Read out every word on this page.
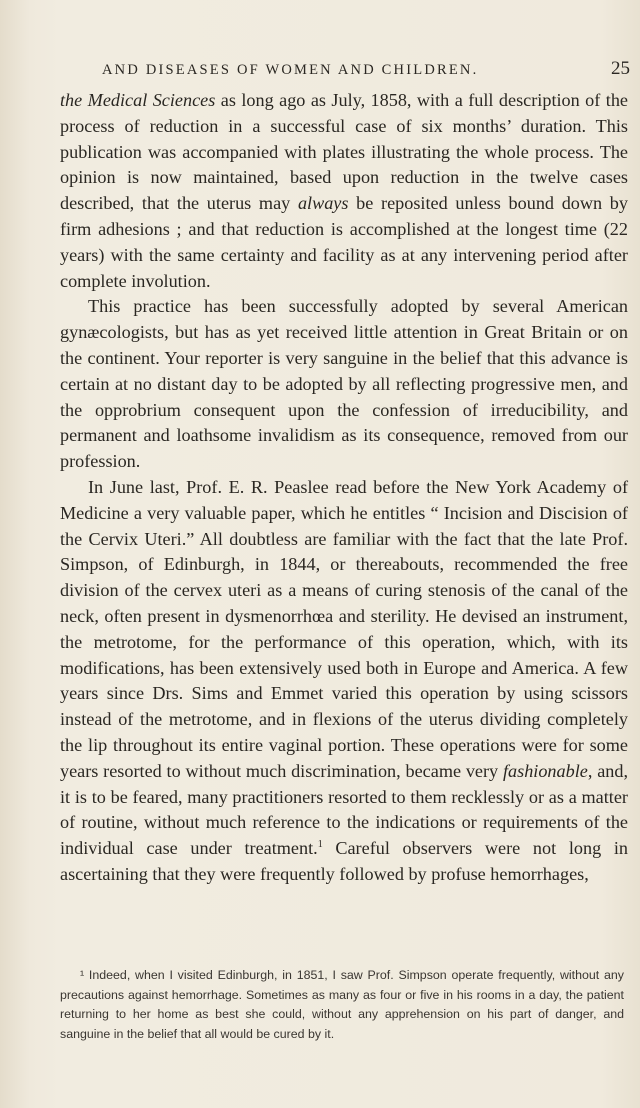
AND DISEASES OF WOMEN AND CHILDREN.	25

the Medical Sciences as long ago as July, 1858, with a full description of the process of reduction in a successful case of six months’ duration. This publication was accompanied with plates illustrating the whole process. The opinion is now maintained, based upon reduction in the twelve cases described, that the uterus may always be reposited unless bound down by firm adhesions ; and that reduction is accomplished at the longest time (22 years) with the same certainty and facility as at any intervening period after complete involution.

This practice has been successfully adopted by several American gynæcologists, but has as yet received little attention in Great Britain or on the continent. Your reporter is very sanguine in the belief that this advance is certain at no distant day to be adopted by all reflecting progressive men, and the opprobrium consequent upon the confession of irreducibility, and permanent and loathsome invalidism as its consequence, removed from our profession.

In June last, Prof. E. R. Peaslee read before the New York Academy of Medicine a very valuable paper, which he entitles “ Incision and Discision of the Cervix Uteri.” All doubtless are familiar with the fact that the late Prof. Simpson, of Edinburgh, in 1844, or thereabouts, recommended the free division of the cervex uteri as a means of curing stenosis of the canal of the neck, often present in dysmenorrhœa and sterility. He devised an instrument, the metrotome, for the performance of this operation, which, with its modifications, has been extensively used both in Europe and America. A few years since Drs. Sims and Emmet varied this operation by using scissors instead of the metrotome, and in flexions of the uterus dividing completely the lip throughout its entire vaginal portion. These operations were for some years resorted to without much discrimination, became very fashionable, and, it is to be feared, many practitioners resorted to them recklessly or as a matter of routine, without much reference to the indications or requirements of the individual case under treatment.$^1$ Careful observers were not long in ascertaining that they were frequently followed by profuse hemorrhages,

¹ Indeed, when I visited Edinburgh, in 1851, I saw Prof. Simpson operate frequently, without any precautions against hemorrhage. Sometimes as many as four or five in his rooms in a day, the patient returning to her home as best she could, without any apprehension on his part of danger, and sanguine in the belief that all would be cured by it.
